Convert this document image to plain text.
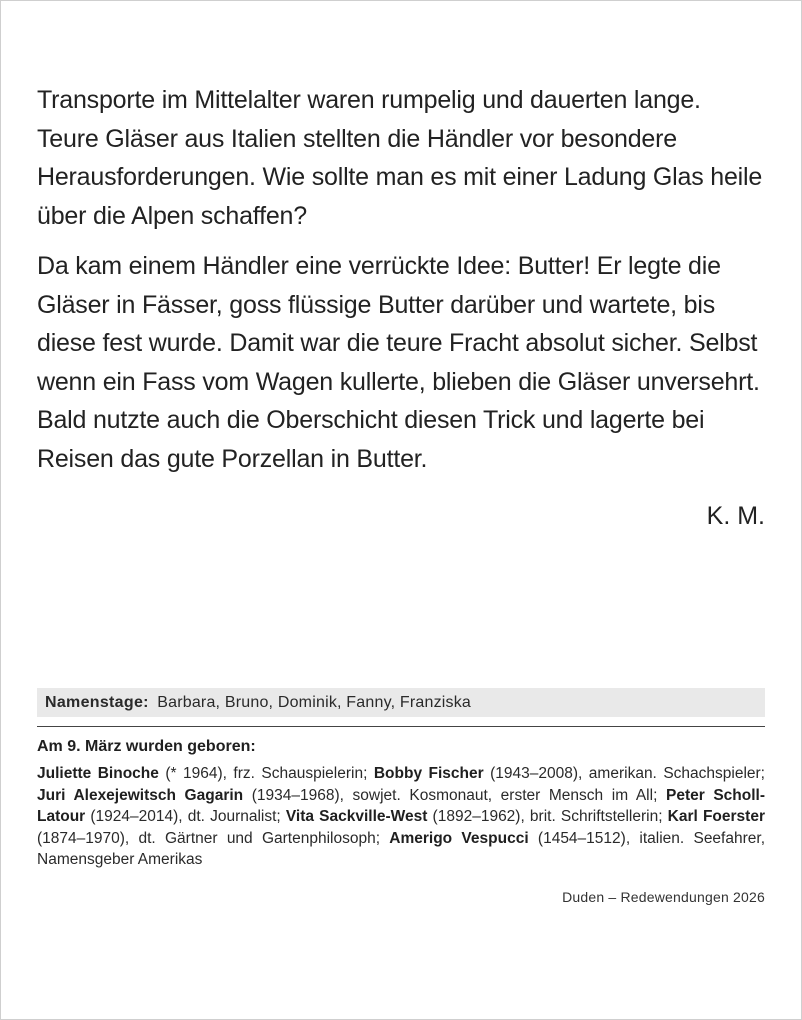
Transporte im Mittelalter waren rumpelig und dauerten lange. Teure Gläser aus Italien stellten die Händler vor besondere Herausforderungen. Wie sollte man es mit einer Ladung Glas heile über die Alpen schaffen?

Da kam einem Händler eine verrückte Idee: Butter! Er legte die Gläser in Fässer, goss flüssige Butter darüber und wartete, bis diese fest wurde. Damit war die teure Fracht absolut sicher. Selbst wenn ein Fass vom Wagen kullerte, blieben die Gläser unversehrt. Bald nutzte auch die Oberschicht diesen Trick und lagerte bei Reisen das gute Porzellan in Butter.

K. M.
Namenstage: Barbara, Bruno, Dominik, Fanny, Franziska
Am 9. März wurden geboren:
Juliette Binoche (* 1964), frz. Schauspielerin; Bobby Fischer (1943–2008), amerikan. Schachspieler; Juri Alexejewitsch Gagarin (1934–1968), sowjet. Kosmonaut, erster Mensch im All; Peter Scholl-Latour (1924–2014), dt. Journalist; Vita Sackville-West (1892–1962), brit. Schriftstellerin; Karl Foerster (1874–1970), dt. Gärtner und Gartenphilosoph; Amerigo Vespucci (1454–1512), italien. Seefahrer, Namensgeber Amerikas
Duden – Redewendungen 2026
